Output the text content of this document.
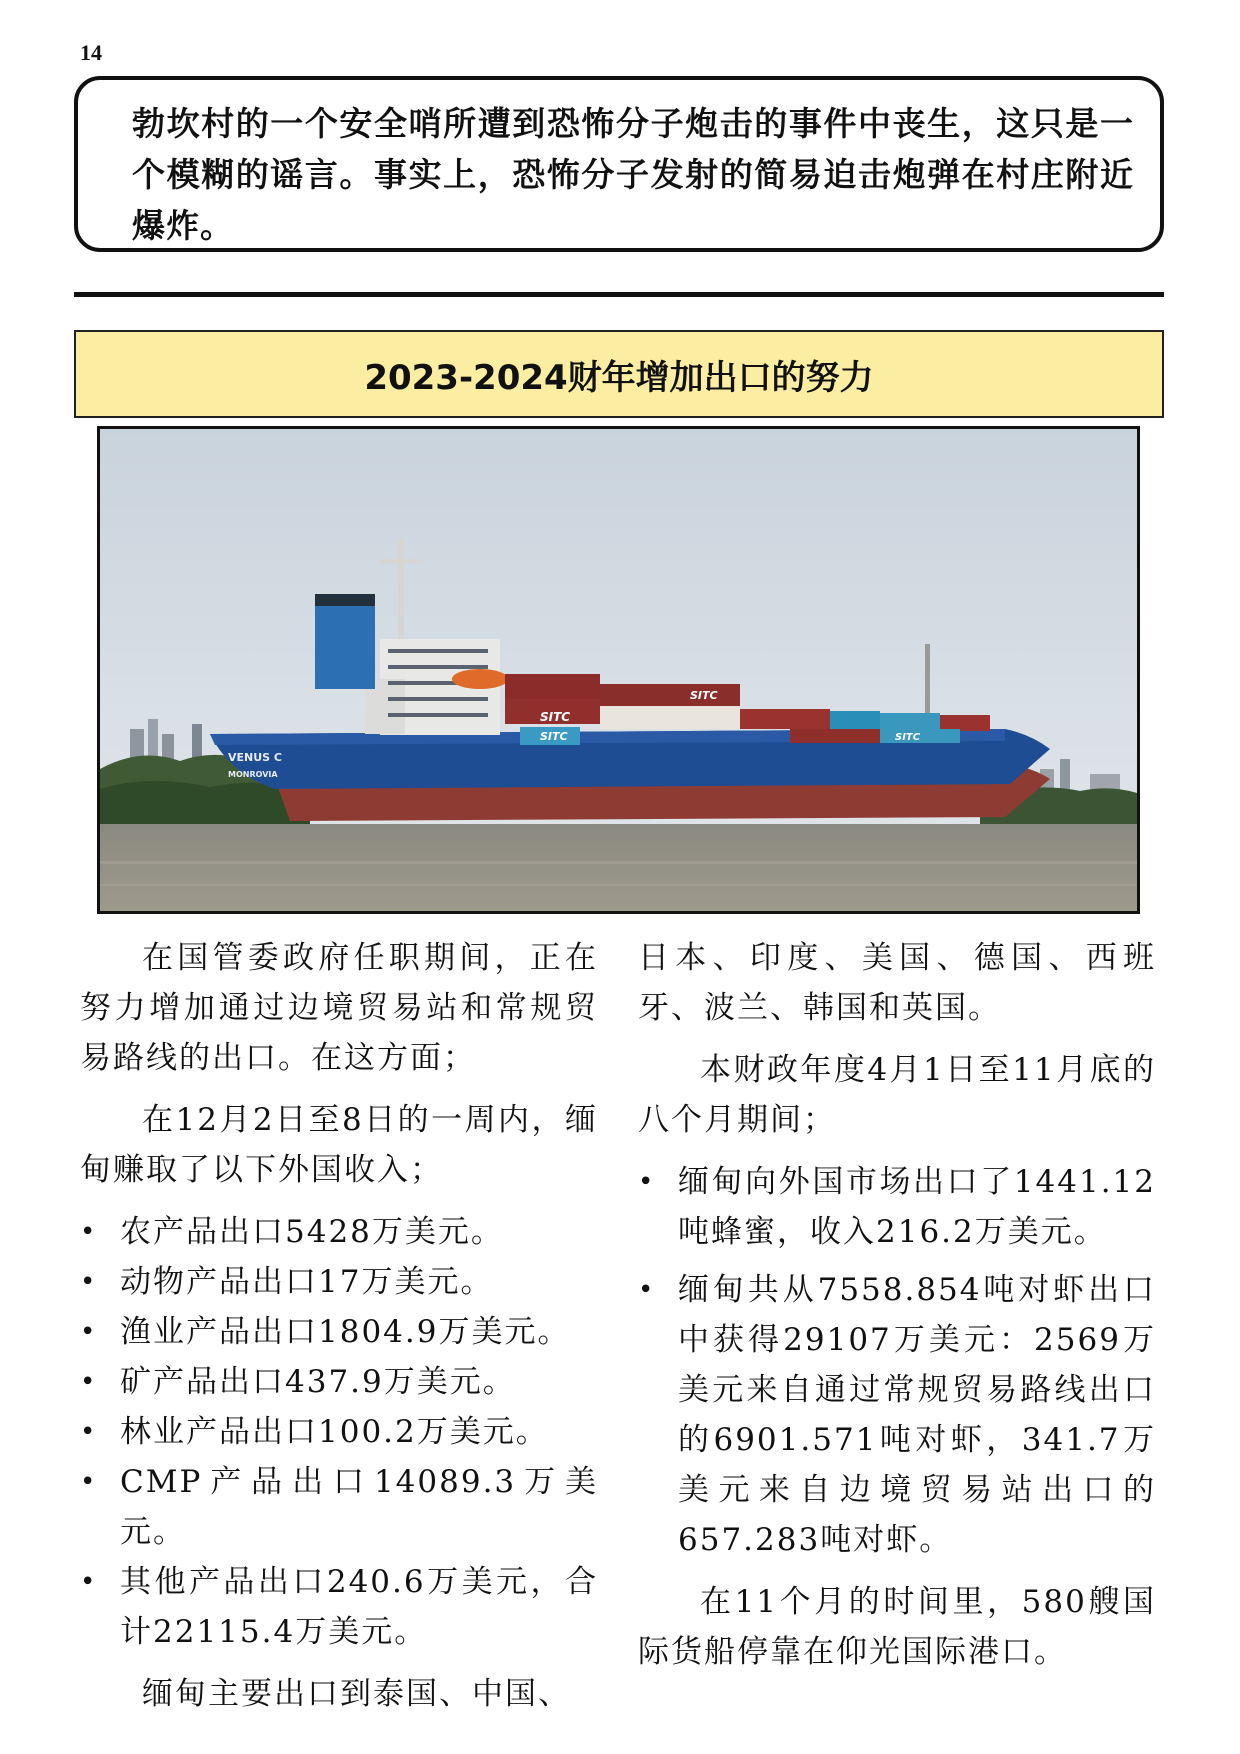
14
勃坎村的一个安全哨所遭到恐怖分子炮击的事件中丧生，这只是一个模糊的谣言。事实上，恐怖分子发射的简易迫击炮弹在村庄附近爆炸。
2023-2024财年增加出口的努力
SITC
SITC
SITC	SITC
VENUS C
MONROVIA

在国管委政府任职期间，正在努力增加通过边境贸易站和常规贸易路线的出口。在这方面；

在12月2日至8日的一周内，缅甸赚取了以下外国收入；

• 农产品出口5428万美元。
• 动物产品出口17万美元。
• 渔业产品出口1804.9万美元。
• 矿产品出口437.9万美元。
• 林业产品出口100.2万美元。
• CMP产品出口14089.3万美元。
• 其他产品出口240.6万美元，合计22115.4万美元。

缅甸主要出口到泰国、中国、

日本、印度、美国、德国、西班牙、波兰、韩国和英国。

本财政年度4月1日至11月底的八个月期间；

• 缅甸向外国市场出口了1441.12吨蜂蜜，收入216.2万美元。
• 缅甸共从7558.854吨对虾出口中获得29107万美元：2569万美元来自通过常规贸易路线出口的6901.571吨对虾，341.7万美元来自边境贸易站出口的657.283吨对虾。

在11个月的时间里，580艘国际货船停靠在仰光国际港口。
